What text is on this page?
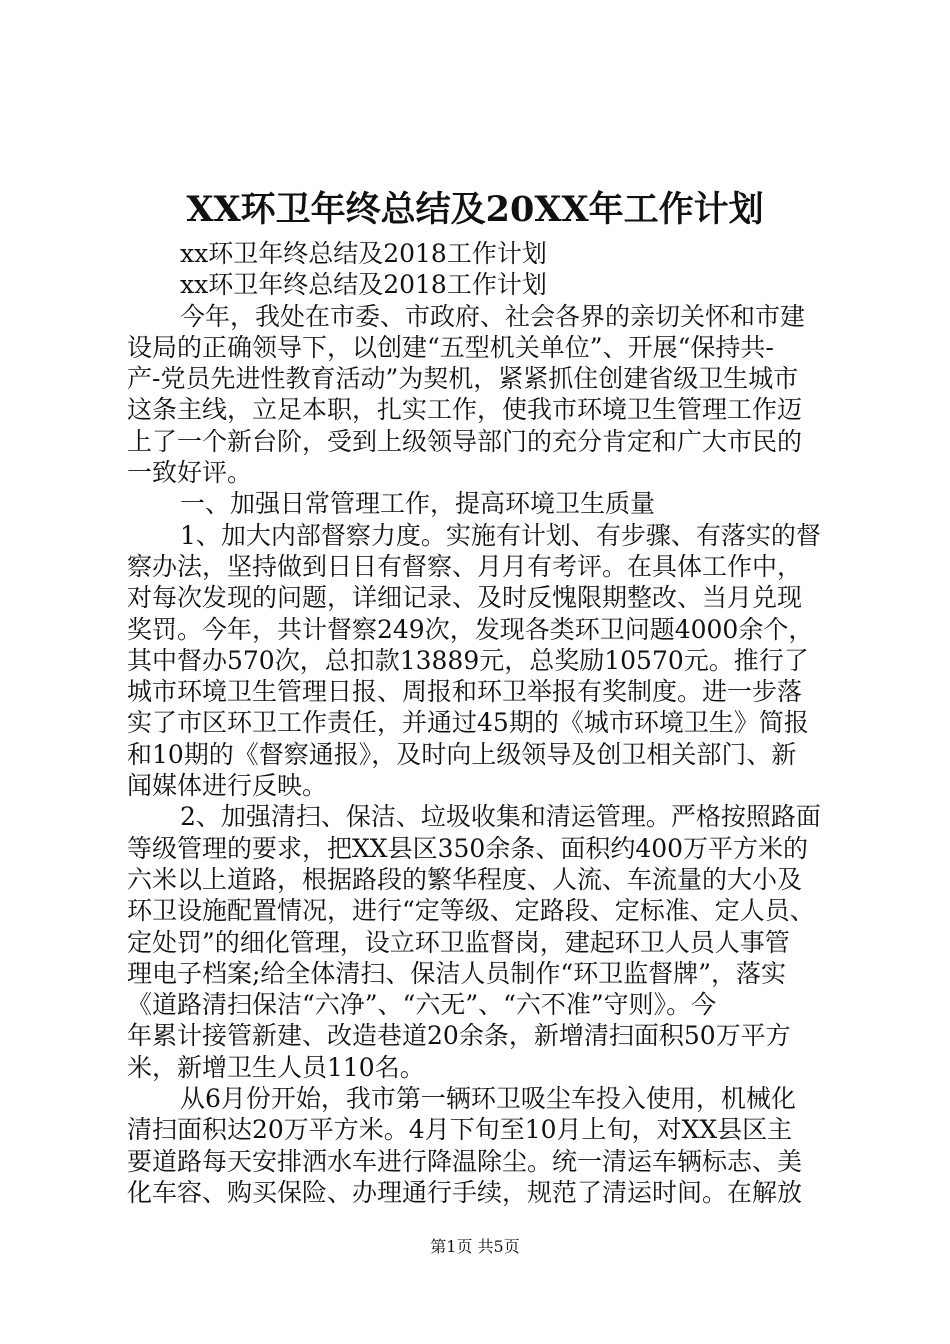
XX环卫年终总结及20XX年工作计划
xx环卫年终总结及2018工作计划
xx环卫年终总结及2018工作计划
今年，我处在市委、市政府、社会各界的亲切关怀和市建
设局的正确领导下，以创建“五型机关单位”、开展“保持共-
产-党员先进性教育活动”为契机，紧紧抓住创建省级卫生城市
这条主线，立足本职，扎实工作，使我市环境卫生管理工作迈
上了一个新台阶，受到上级领导部门的充分肯定和广大市民的
一致好评。
一、加强日常管理工作，提高环境卫生质量
1、加大内部督察力度。实施有计划、有步骤、有落实的督
察办法，坚持做到日日有督察、月月有考评。在具体工作中，
对每次发现的问题，详细记录、及时反愧限期整改、当月兑现
奖罚。今年，共计督察249次，发现各类环卫问题4000余个，
其中督办570次，总扣款13889元，总奖励10570元。推行了
城市环境卫生管理日报、周报和环卫举报有奖制度。进一步落
实了市区环卫工作责任，并通过45期的《城市环境卫生》简报
和10期的《督察通报》，及时向上级领导及创卫相关部门、新
闻媒体进行反映。
2、加强清扫、保洁、垃圾收集和清运管理。严格按照路面
等级管理的要求，把XX县区350余条、面积约400万平方米的
六米以上道路，根据路段的繁华程度、人流、车流量的大小及
环卫设施配置情况，进行“定等级、定路段、定标准、定人员、
定处罚”的细化管理，设立环卫监督岗，建起环卫人员人事管
理电子档案;给全体清扫、保洁人员制作“环卫监督牌”，落实
《道路清扫保洁“六净”、“六无”、“六不准”守则》。今
年累计接管新建、改造巷道20余条，新增清扫面积50万平方
米，新增卫生人员110名。
从6月份开始，我市第一辆环卫吸尘车投入使用，机械化
清扫面积达20万平方米。4月下旬至10月上旬，对XX县区主
要道路每天安排洒水车进行降温除尘。统一清运车辆标志、美
化车容、购买保险、办理通行手续，规范了清运时间。在解放
第1页 共5页
